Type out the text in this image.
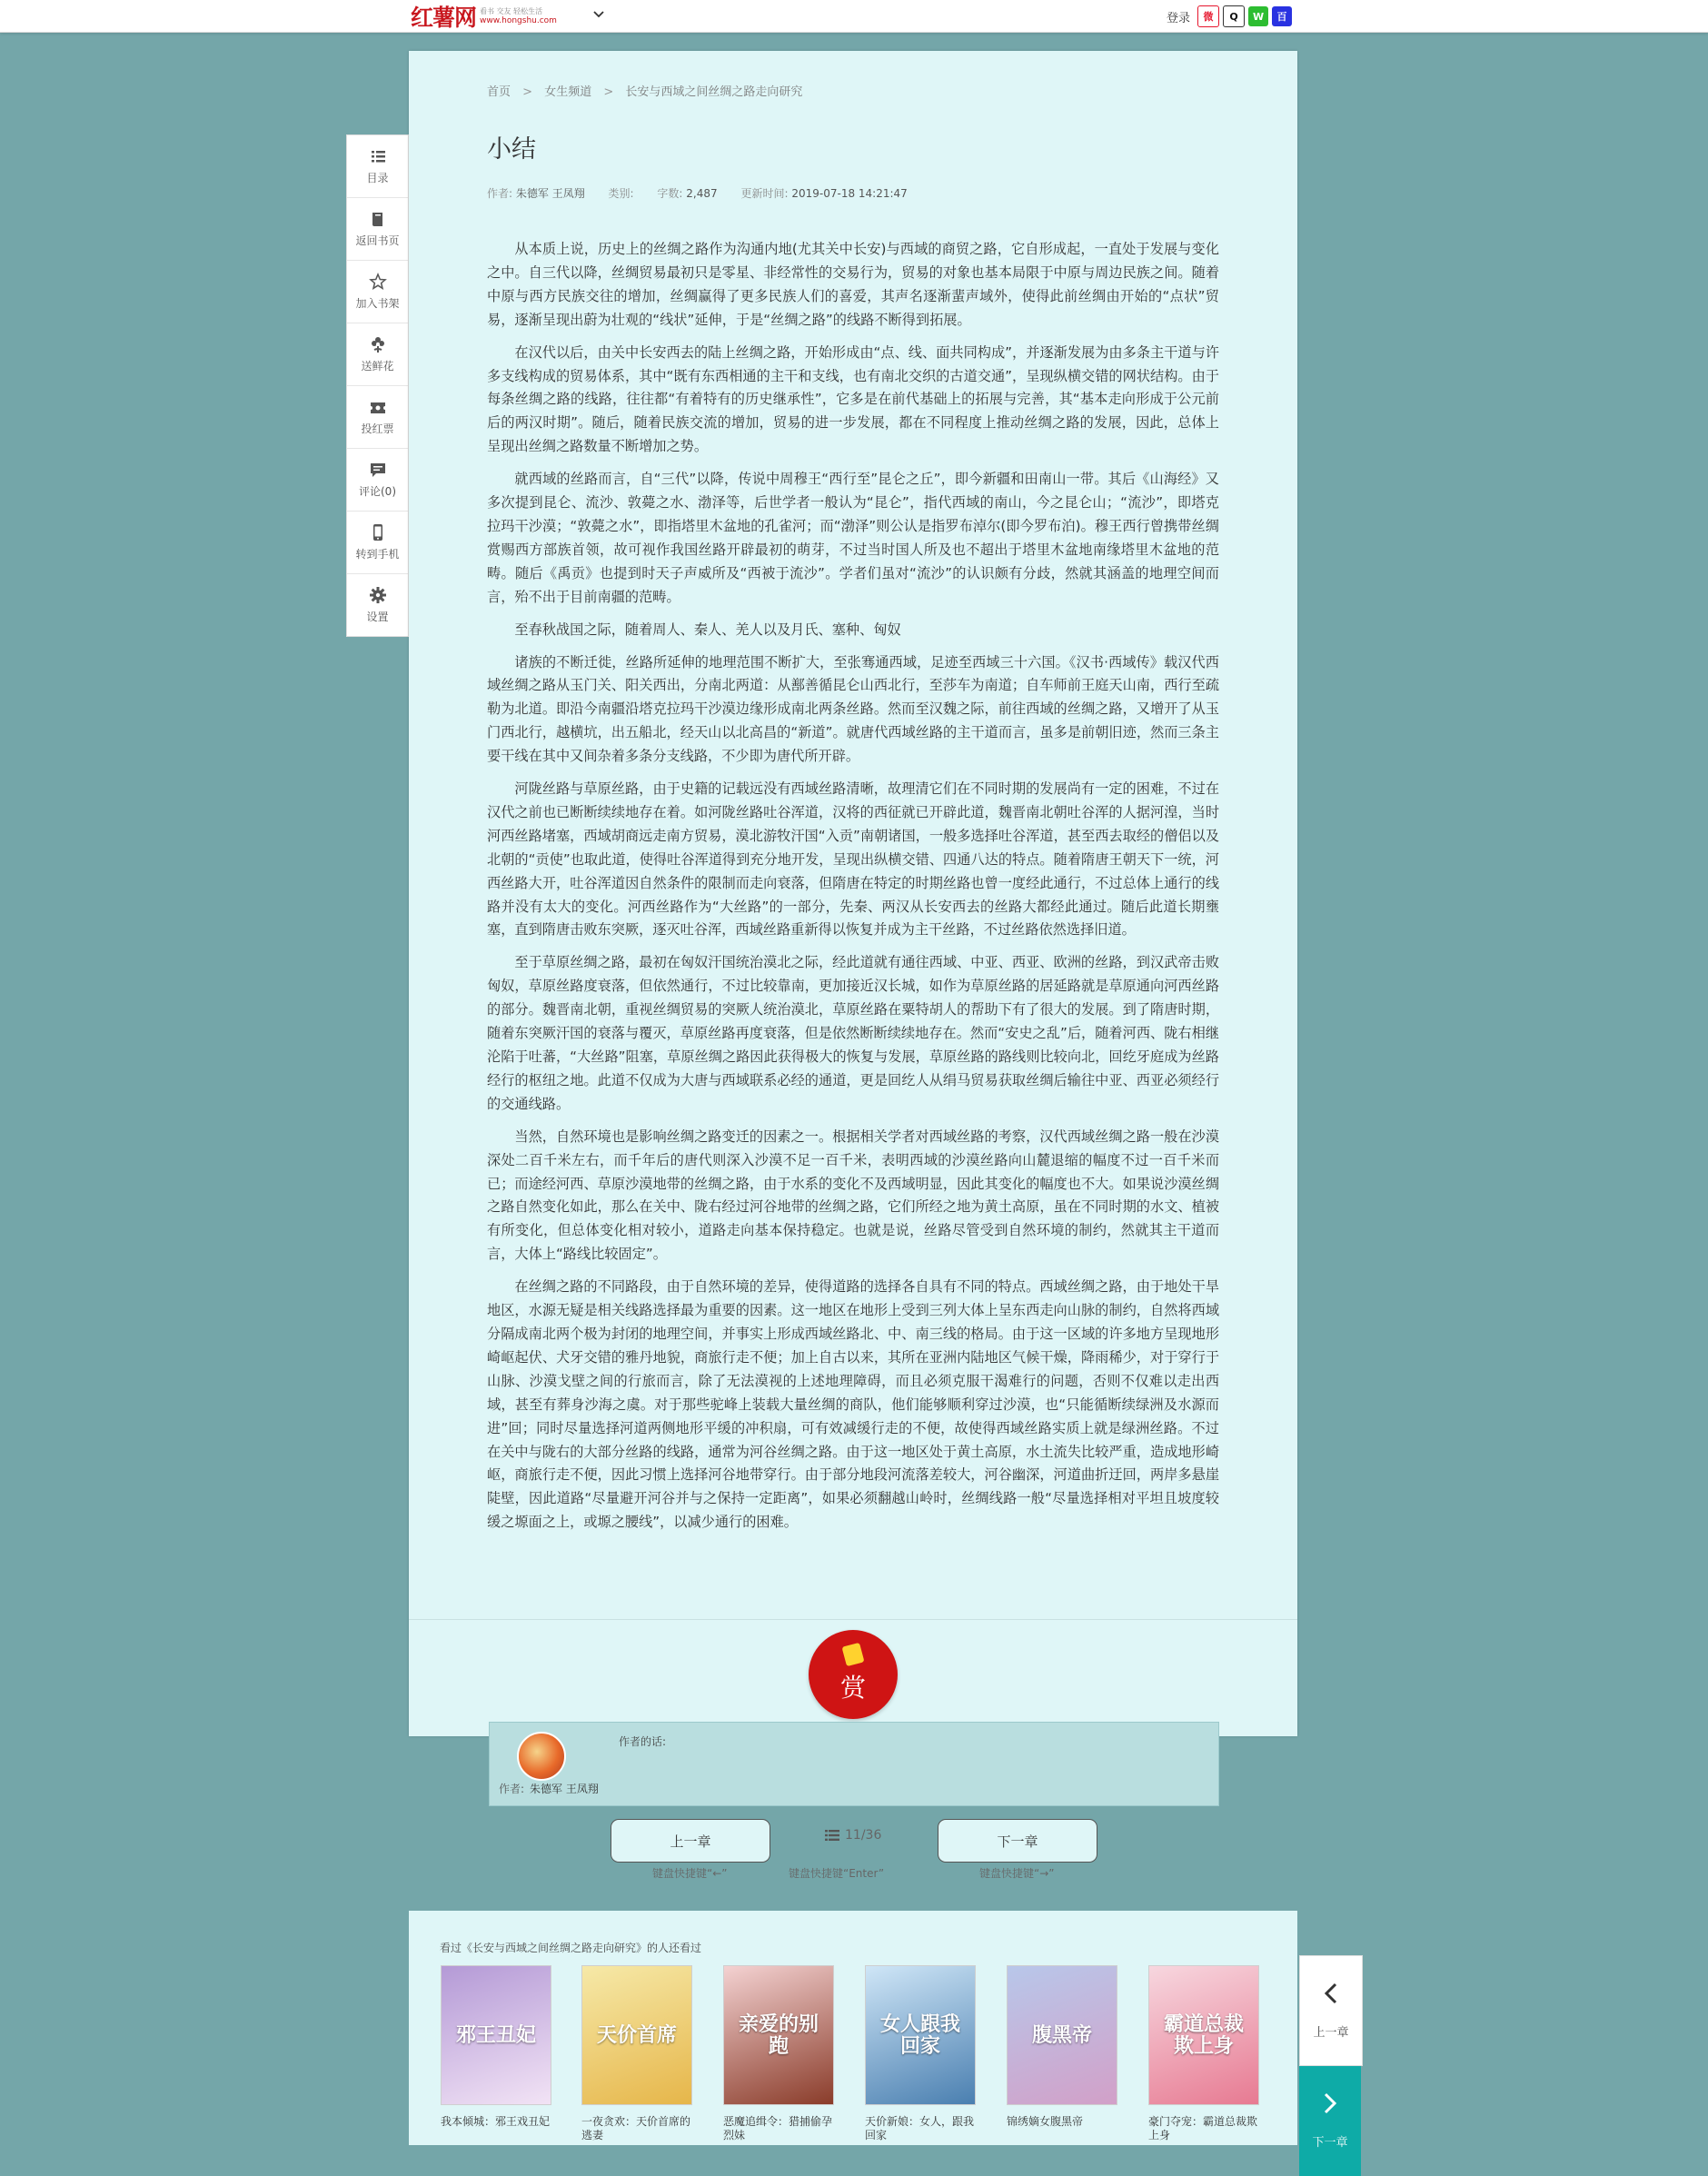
红薯网 看书 交友 轻松生活
www.hongshu.com	登录	微	Q	W	百
目录
返回书页
加入书架
送鲜花
投红票
评论(0)
转到手机
设置
首页 > 女生频道 > 长安与西域之间丝绸之路走向研究
小结
作者: 朱德军 王凤翔 类别: 字数: 2,487 更新时间: 2019-07-18 14:21:47

从本质上说，历史上的丝绸之路作为沟通内地(尤其关中长安)与西域的商贸之路，它自形成起，一直处于发展与变化之中。自三代以降，丝绸贸易最初只是零星、非经常性的交易行为，贸易的对象也基本局限于中原与周边民族之间。随着中原与西方民族交往的增加，丝绸赢得了更多民族人们的喜爱，其声名逐渐蜚声域外，使得此前丝绸由开始的“点状”贸易，逐渐呈现出蔚为壮观的“线状”延伸，于是“丝绸之路”的线路不断得到拓展。

在汉代以后，由关中长安西去的陆上丝绸之路，开始形成由“点、线、面共同构成”，并逐渐发展为由多条主干道与许多支线构成的贸易体系，其中“既有东西相通的主干和支线，也有南北交织的古道交通”，呈现纵横交错的网状结构。由于每条丝绸之路的线路，往往都“有着特有的历史继承性”，它多是在前代基础上的拓展与完善，其“基本走向形成于公元前后的两汉时期”。随后，随着民族交流的增加，贸易的进一步发展，都在不同程度上推动丝绸之路的发展，因此，总体上呈现出丝绸之路数量不断增加之势。

就西域的丝路而言，自“三代”以降，传说中周穆王“西行至”昆仑之丘”，即今新疆和田南山一带。其后《山海经》又多次提到昆仑、流沙、敦薨之水、渤泽等，后世学者一般认为“昆仑”，指代西域的南山，今之昆仑山；“流沙”，即塔克拉玛干沙漠；“敦薨之水”，即指塔里木盆地的孔雀河；而“渤泽”则公认是指罗布淖尔(即今罗布泊)。穆王西行曾携带丝绸赏赐西方部族首领，故可视作我国丝路开辟最初的萌芽，不过当时国人所及也不超出于塔里木盆地南缘塔里木盆地的范畴。随后《禹贡》也提到时天子声威所及“西被于流沙”。学者们虽对“流沙”的认识颇有分歧，然就其涵盖的地理空间而言，殆不出于目前南疆的范畴。

至春秋战国之际，随着周人、秦人、羌人以及月氏、塞种、匈奴

诸族的不断迁徙，丝路所延伸的地理范围不断扩大，至张骞通西域，足迹至西域三十六国。《汉书·西域传》载汉代西域丝绸之路从玉门关、阳关西出，分南北两道：从鄯善循昆仑山西北行，至莎车为南道；自车师前王庭天山南，西行至疏勒为北道。即沿今南疆沿塔克拉玛干沙漠边缘形成南北两条丝路。然而至汉魏之际，前往西域的丝绸之路，又增开了从玉门西北行，越横坑，出五船北，经天山以北高昌的“新道”。就唐代西域丝路的主干道而言，虽多是前朝旧迹，然而三条主要干线在其中又间杂着多条分支线路，不少即为唐代所开辟。

河陇丝路与草原丝路，由于史籍的记载远没有西域丝路清晰，故理清它们在不同时期的发展尚有一定的困难，不过在汉代之前也已断断续续地存在着。如河陇丝路吐谷浑道，汉将的西征就已开辟此道，魏晋南北朝吐谷浑的人据河湟，当时河西丝路堵塞，西域胡商远走南方贸易，漠北游牧汗国“入贡”南朝诸国，一般多选择吐谷浑道，甚至西去取经的僧侣以及北朝的“贡使”也取此道，使得吐谷浑道得到充分地开发，呈现出纵横交错、四通八达的特点。随着隋唐王朝天下一统，河西丝路大开，吐谷浑道因自然条件的限制而走向衰落，但隋唐在特定的时期丝路也曾一度经此通行，不过总体上通行的线路并没有太大的变化。河西丝路作为“大丝路”的一部分，先秦、两汉从长安西去的丝路大都经此通过。随后此道长期壅塞，直到隋唐击败东突厥，逐灭吐谷浑，西域丝路重新得以恢复并成为主干丝路，不过丝路依然选择旧道。

至于草原丝绸之路，最初在匈奴汗国统治漠北之际，经此道就有通往西域、中亚、西亚、欧洲的丝路，到汉武帝击败匈奴，草原丝路度衰落，但依然通行，不过比较靠南，更加接近汉长城，如作为草原丝路的居延路就是草原通向河西丝路的部分。魏晋南北朝，重视丝绸贸易的突厥人统治漠北，草原丝路在粟特胡人的帮助下有了很大的发展。到了隋唐时期，随着东突厥汗国的衰落与覆灭，草原丝路再度衰落，但是依然断断续续地存在。然而“安史之乱”后，随着河西、陇右相继沦陷于吐蕃，“大丝路”阻塞，草原丝绸之路因此获得极大的恢复与发展，草原丝路的路线则比较向北，回纥牙庭成为丝路经行的枢纽之地。此道不仅成为大唐与西域联系必经的通道，更是回纥人从绢马贸易获取丝绸后输往中亚、西亚必须经行的交通线路。

当然，自然环境也是影响丝绸之路变迁的因素之一。根据相关学者对西域丝路的考察，汉代西域丝绸之路一般在沙漠深处二百千米左右，而千年后的唐代则深入沙漠不足一百千米，表明西域的沙漠丝路向山麓退缩的幅度不过一百千米而已；而途经河西、草原沙漠地带的丝绸之路，由于水系的变化不及西域明显，因此其变化的幅度也不大。如果说沙漠丝绸之路自然变化如此，那么在关中、陇右经过河谷地带的丝绸之路，它们所经之地为黄土高原，虽在不同时期的水文、植被有所变化，但总体变化相对较小，道路走向基本保持稳定。也就是说，丝路尽管受到自然环境的制约，然就其主干道而言，大体上“路线比较固定”。

在丝绸之路的不同路段，由于自然环境的差异，使得道路的选择各自具有不同的特点。西域丝绸之路，由于地处干旱地区，水源无疑是相关线路选择最为重要的因素。这一地区在地形上受到三列大体上呈东西走向山脉的制约，自然将西域分隔成南北两个极为封闭的地理空间，并事实上形成西域丝路北、中、南三线的格局。由于这一区域的许多地方呈现地形崎岖起伏、犬牙交错的雅丹地貌，商旅行走不便；加上自古以来，其所在亚洲内陆地区气候干燥，降雨稀少，对于穿行于山脉、沙漠戈壁之间的行旅而言，除了无法漠视的上述地理障碍，而且必须克服干渴难行的问题，否则不仅难以走出西域，甚至有葬身沙海之虞。对于那些驼峰上装载大量丝绸的商队，他们能够顺利穿过沙漠，也“只能循断续绿洲及水源而进”回；同时尽量选择河道两侧地形平缓的冲积扇，可有效减缓行走的不便，故使得西域丝路实质上就是绿洲丝路。不过在关中与陇右的大部分丝路的线路，通常为河谷丝绸之路。由于这一地区处于黄土高原，水土流失比较严重，造成地形崎岖，商旅行走不便，因此习惯上选择河谷地带穿行。由于部分地段河流落差较大，河谷幽深，河道曲折迂回，两岸多悬崖陡壁，因此道路“尽量避开河谷并与之保持一定距离”，如果必须翻越山岭时，丝绸线路一般“尽量选择相对平坦且坡度较缓之塬面之上，或塬之腰线”，以减少通行的困难。

赏
作者的话:
作者: 朱德军 王凤翔
上一章	11/36	下一章
键盘快捷键“←”	键盘快捷键“Enter”	键盘快捷键“→”
看过《长安与西域之间丝绸之路走向研究》的人还看过
邪王丑妃
我本倾城：邪王戏丑妃
天价首席
一夜贪欢：天价首席的逃妻
亲爱的别跑
恶魔追缉令：猎捕偷孕烈妹
女人跟我回家
天价新娘：女人，跟我回家
腹黑帝
锦绣嫡女腹黑帝
霸道总裁欺上身
豪门夺宠：霸道总裁欺上身
上一章
下一章
